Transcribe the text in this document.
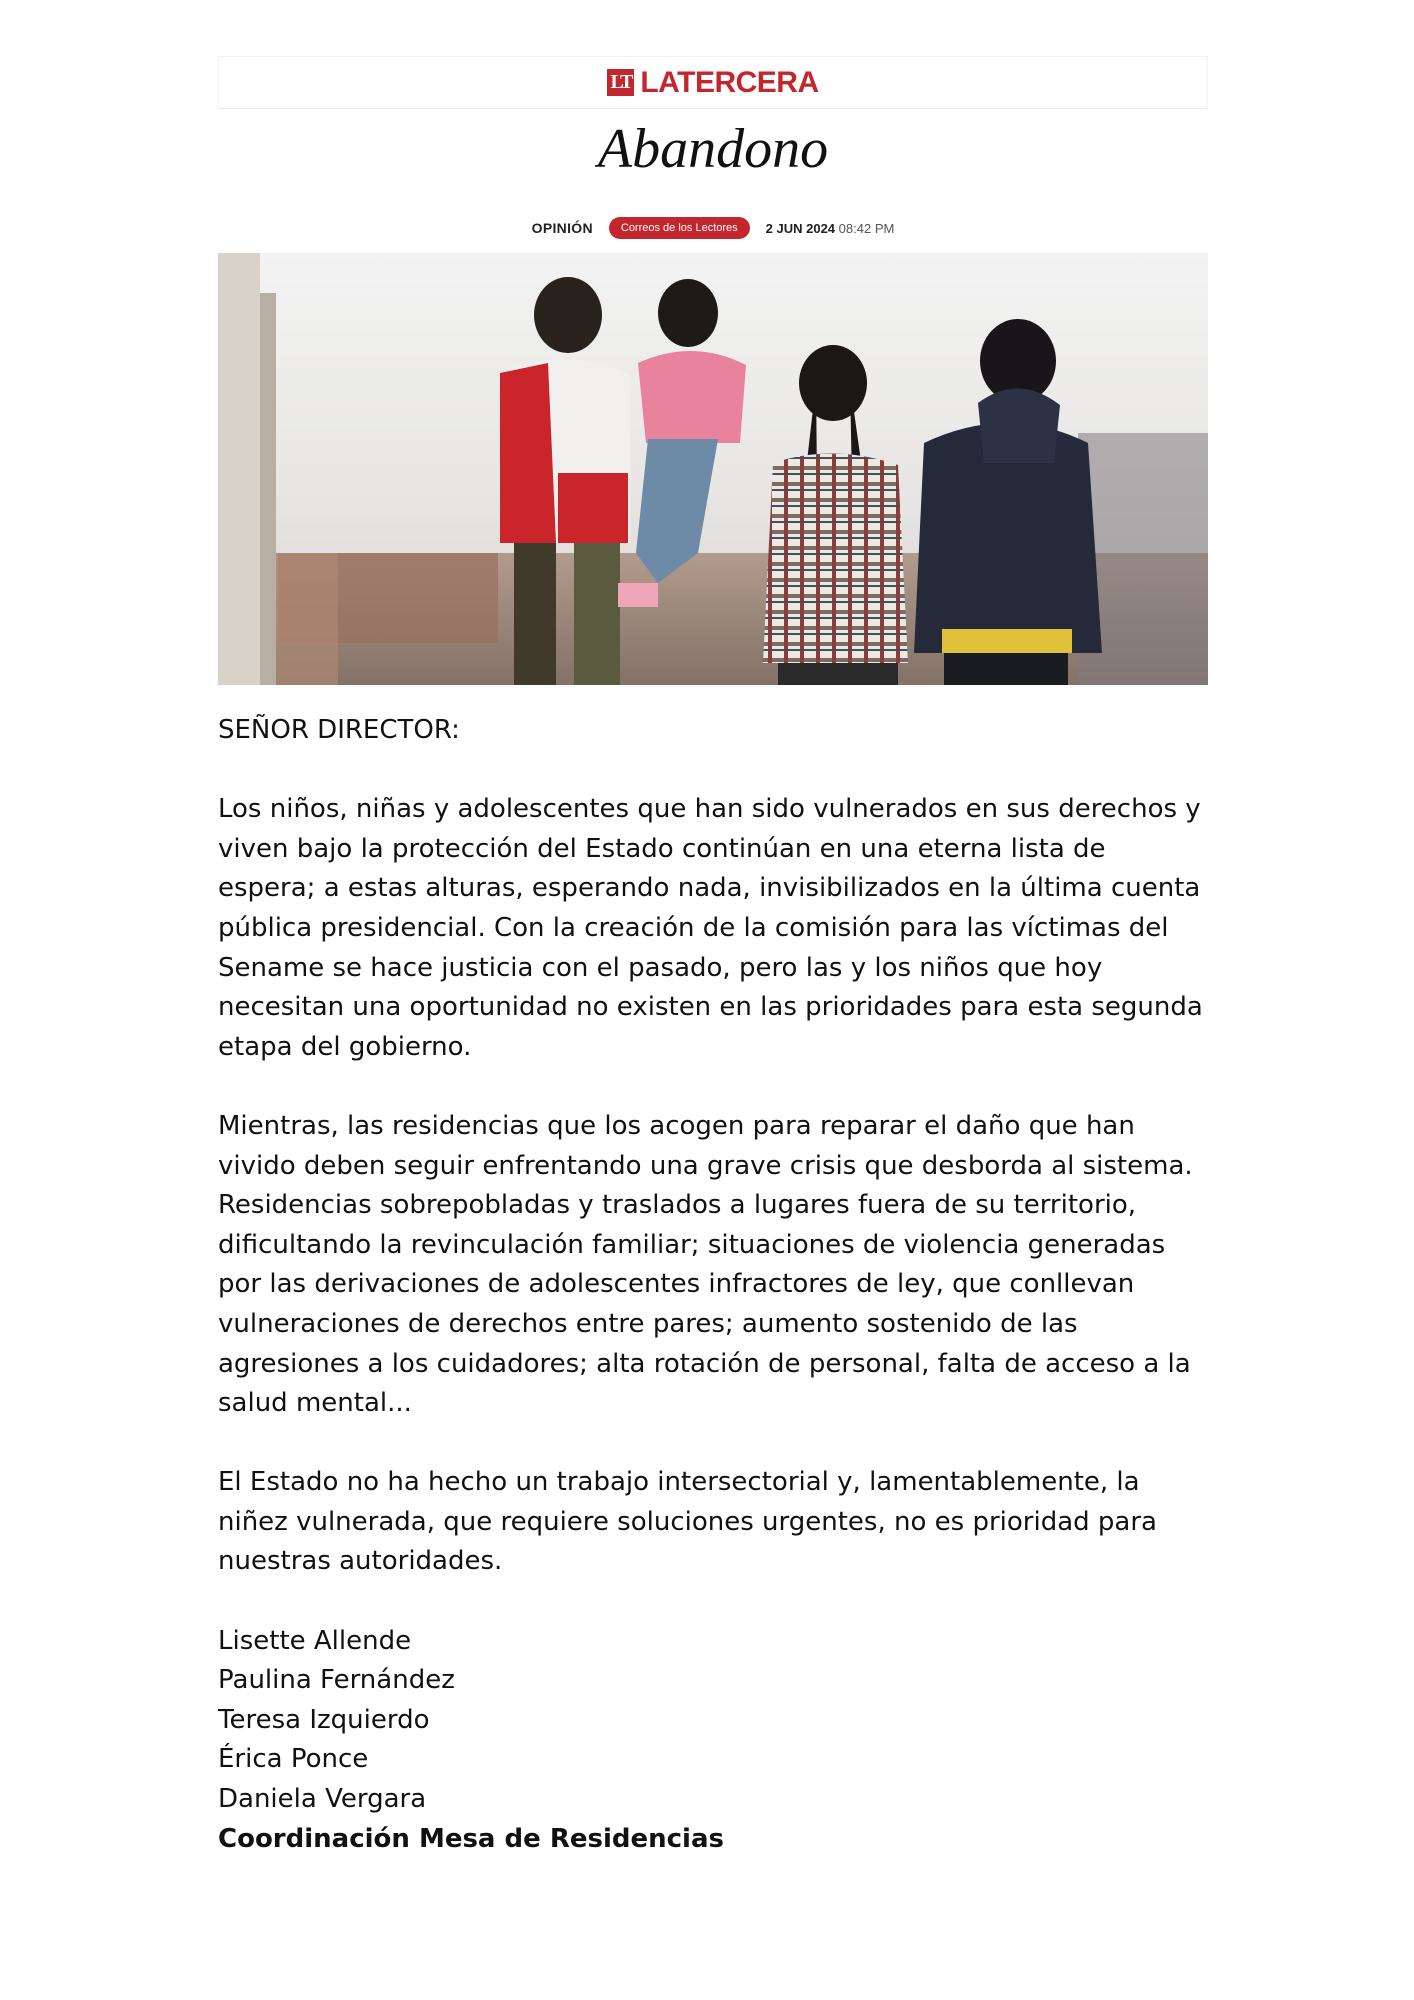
LT LATERCERA
Abandono
OPINIÓN	Correos de los Lectores	2 JUN 2024 08:42 PM

SEÑOR DIRECTOR:

Los niños, niñas y adolescentes que han sido vulnerados en sus derechos y viven bajo la protección del Estado continúan en una eterna lista de espera; a estas alturas, esperando nada, invisibilizados en la última cuenta pública presidencial. Con la creación de la comisión para las víctimas del Sename se hace justicia con el pasado, pero las y los niños que hoy necesitan una oportunidad no existen en las prioridades para esta segunda etapa del gobierno.

Mientras, las residencias que los acogen para reparar el daño que han vivido deben seguir enfrentando una grave crisis que desborda al sistema. Residencias sobrepobladas y traslados a lugares fuera de su territorio, dificultando la revinculación familiar; situaciones de violencia generadas por las derivaciones de adolescentes infractores de ley, que conllevan vulneraciones de derechos entre pares; aumento sostenido de las agresiones a los cuidadores; alta rotación de personal, falta de acceso a la salud mental...

El Estado no ha hecho un trabajo intersectorial y, lamentablemente, la niñez vulnerada, que requiere soluciones urgentes, no es prioridad para nuestras autoridades.

Lisette Allende
Paulina Fernández
Teresa Izquierdo
Érica Ponce
Daniela Vergara
Coordinación Mesa de Residencias
